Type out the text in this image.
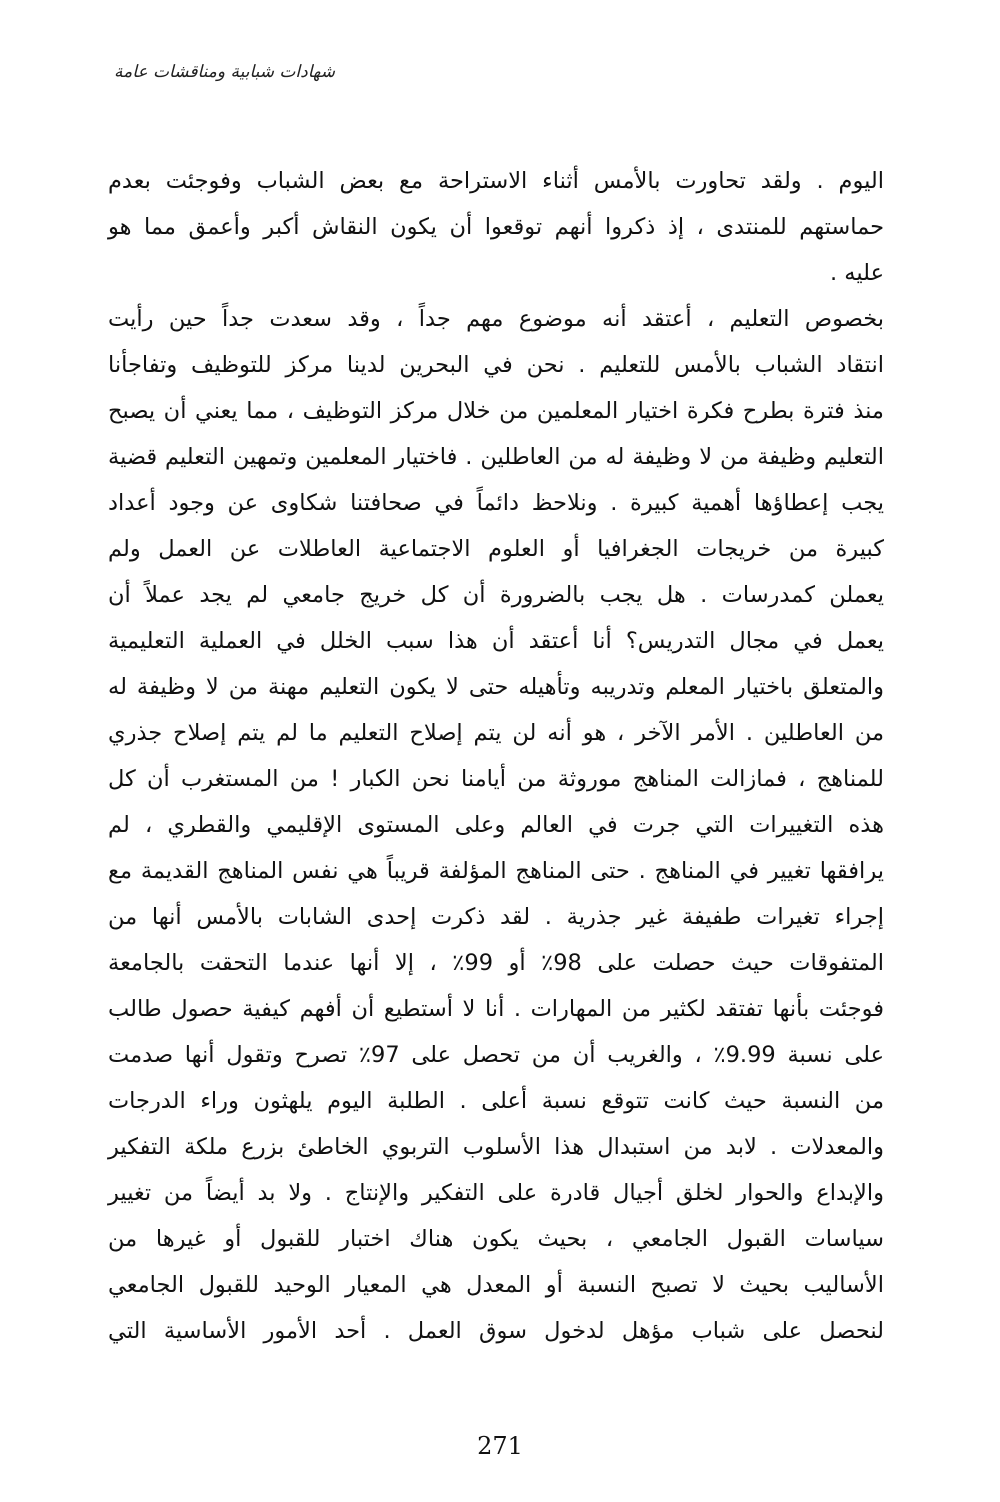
شهادات شبابية ومناقشات عامة
اليوم . ولقد تحاورت بالأمس أثناء الاستراحة مع بعض الشباب وفوجئت بعدم
حماستهم للمنتدى ، إذ ذكروا أنهم توقعوا أن يكون النقاش أكبر وأعمق مما هو
عليه .
بخصوص التعليم ، أعتقد أنه موضوع مهم جداً ، وقد سعدت جداً حين رأيت
انتقاد الشباب بالأمس للتعليم . نحن في البحرين لدينا مركز للتوظيف وتفاجأنا
منذ فترة بطرح فكرة اختيار المعلمين من خلال مركز التوظيف ، مما يعني أن يصبح
التعليم وظيفة من لا وظيفة له من العاطلين . فاختيار المعلمين وتمهين التعليم قضية
يجب إعطاؤها أهمية كبيرة . ونلاحظ دائماً في صحافتنا شكاوى عن وجود أعداد
كبيرة من خريجات الجغرافيا أو العلوم الاجتماعية العاطلات عن العمل ولم
يعملن كمدرسات . هل يجب بالضرورة أن كل خريج جامعي لم يجد عملاً أن
يعمل في مجال التدريس؟ أنا أعتقد أن هذا سبب الخلل في العملية التعليمية
والمتعلق باختيار المعلم وتدريبه وتأهيله حتى لا يكون التعليم مهنة من لا وظيفة له
من العاطلين . الأمر الآخر ، هو أنه لن يتم إصلاح التعليم ما لم يتم إصلاح جذري
للمناهج ، فمازالت المناهج موروثة من أيامنا نحن الكبار ! من المستغرب أن كل
هذه التغييرات التي جرت في العالم وعلى المستوى الإقليمي والقطري ، لم
يرافقها تغيير في المناهج . حتى المناهج المؤلفة قريباً هي نفس المناهج القديمة مع
إجراء تغيرات طفيفة غير جذرية . لقد ذكرت إحدى الشابات بالأمس أنها من
المتفوقات حيث حصلت على 98٪ أو 99٪ ، إلا أنها عندما التحقت بالجامعة
فوجئت بأنها تفتقد لكثير من المهارات . أنا لا أستطيع أن أفهم كيفية حصول طالب
على نسبة 9.99٪ ، والغريب أن من تحصل على 97٪ تصرح وتقول أنها صدمت
من النسبة حيث كانت تتوقع نسبة أعلى . الطلبة اليوم يلهثون وراء الدرجات
والمعدلات . لابد من استبدال هذا الأسلوب التربوي الخاطئ بزرع ملكة التفكير
والإبداع والحوار لخلق أجيال قادرة على التفكير والإنتاج . ولا بد أيضاً من تغيير
سياسات القبول الجامعي ، بحيث يكون هناك اختبار للقبول أو غيرها من
الأساليب بحيث لا تصبح النسبة أو المعدل هي المعيار الوحيد للقبول الجامعي
لنحصل على شباب مؤهل لدخول سوق العمل . أحد الأمور الأساسية التي
271
